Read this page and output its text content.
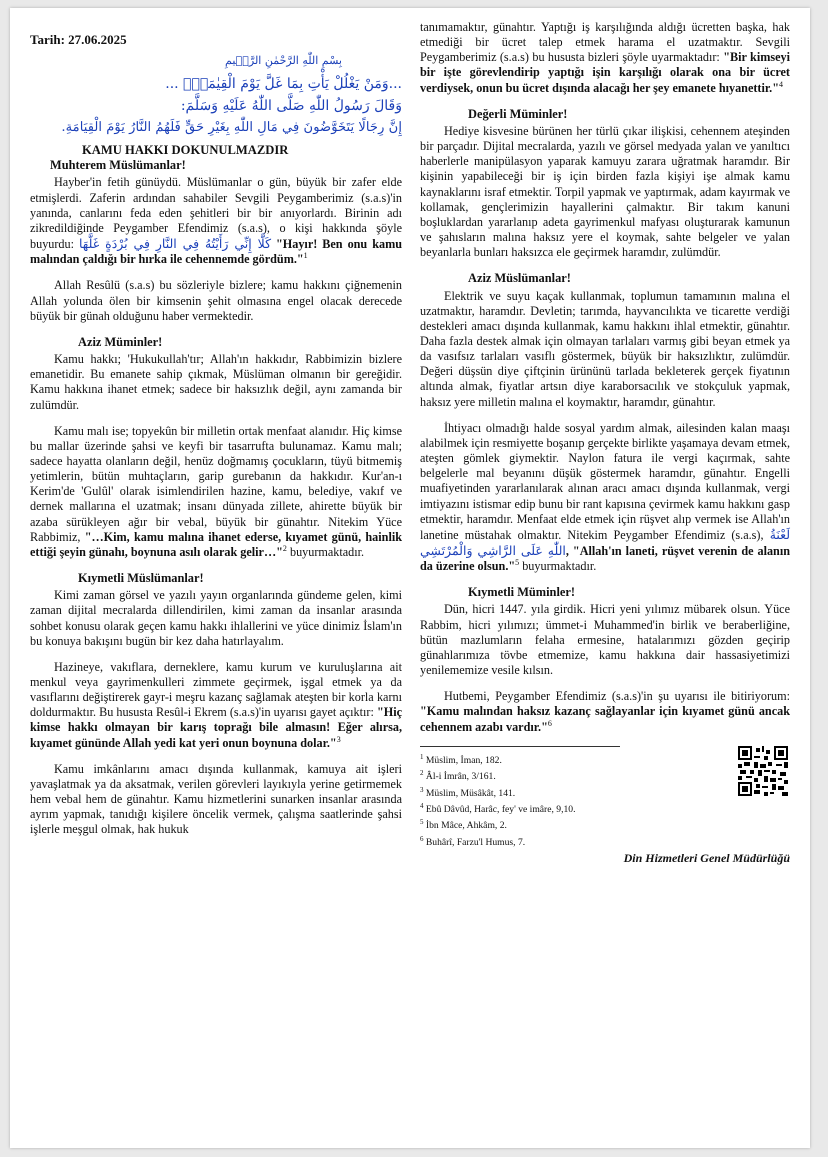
Tarih: 27.06.2025
بِسْمِ اللّٰهِ الرَّحْمٰنِ الرَّح۪يمِ
...وَمَنْ يَغْلُلْ يَأْتِ بِمَا غَلَّ يَوْمَ الْقِيٰمَةِۚ ...
وَقَالَ رَسُولُ اللّٰهِ صَلَّى اللّٰهُ عَلَيْهِ وَسَلَّمَ:
إِنَّ رِجَالًا يَتَخَوَّضُونَ فِي مَالِ اللّٰهِ بِغَيْرِ حَقٍّ فَلَهُمُ النَّارُ يَوْمَ الْقِيَامَةِ.
KAMU HAKKI DOKUNULMAZDIR
Muhterem Müslümanlar!

Hayber'in fetih günüydü. Müslümanlar o gün, büyük bir zafer elde etmişlerdi. Zaferin ardından sahabiler Sevgili Peygamberimiz (s.a.s)'in yanında, canlarını feda eden şehitleri bir bir anıyorlardı. Birinin adı zikredildiğinde Peygamber Efendimiz (s.a.s), o kişi hakkında şöyle buyurdu: كَلَّا إِنِّي رَأَيْتُهُ فِي النَّارِ فِي بُرْدَةٍ غَلَّهَا "Hayır! Ben onu kamu malından çaldığı bir hırka ile cehennemde gördüm."$^1$

Allah Resûlü (s.a.s) bu sözleriyle bizlere; kamu hakkını çiğnemenin Allah yolunda ölen bir kimsenin şehit olmasına engel olacak derecede büyük bir günah olduğunu haber vermektedir.

Aziz Müminler!

Kamu hakkı; 'Hukukullah'tır; Allah'ın hakkıdır, Rabbimizin bizlere emanetidir. Bu emanete sahip çıkmak, Müslüman olmanın bir gereğidir. Kamu hakkına ihanet etmek; sadece bir haksızlık değil, aynı zamanda bir zulümdür.

Kamu malı ise; topyekûn bir milletin ortak menfaat alanıdır. Hiç kimse bu mallar üzerinde şahsi ve keyfi bir tasarrufta bulunamaz. Kamu malı; sadece hayatta olanların değil, henüz doğmamış çocukların, tüyü bitmemiş yetimlerin, bütün muhtaçların, garip gurebanın da hakkıdır. Kur'an-ı Kerim'de 'Gulûl' olarak isimlendirilen hazine, kamu, belediye, vakıf ve dernek mallarına el uzatmak; insanı dünyada zillete, ahirette büyük bir azaba sürükleyen ağır bir vebal, büyük bir günahtır. Nitekim Yüce Rabbimiz, "…Kim, kamu malına ihanet ederse, kıyamet günü, hainlik ettiği şeyin günahı, boynuna asılı olarak gelir…"$^2$ buyurmaktadır.

Kıymetli Müslümanlar!

Kimi zaman görsel ve yazılı yayın organlarında gündeme gelen, kimi zaman dijital mecralarda dillendirilen, kimi zaman da insanlar arasında sohbet konusu olarak geçen kamu hakkı ihlallerini ve yüce dinimiz İslam'ın bu konuya bakışını bugün bir kez daha hatırlayalım.

Hazineye, vakıflara, derneklere, kamu kurum ve kuruluşlarına ait menkul veya gayrimenkulleri zimmete geçirmek, işgal etmek ya da vasıflarını değiştirerek gayr-i meşru kazanç sağlamak ateşten bir korla karnı doldurmaktır. Bu hususta Resûl-i Ekrem (s.a.s)'in uyarısı gayet açıktır: "Hiç kimse hakkı olmayan bir karış toprağı bile almasın! Eğer alırsa, kıyamet gününde Allah yedi kat yeri onun boynuna dolar."$^3$

Kamu imkânlarını amacı dışında kullanmak, kamuya ait işleri yavaşlatmak ya da aksatmak, verilen görevleri layıkıyla yerine getirmemek hem vebal hem de günahtır. Kamu hizmetlerini sunarken insanlar arasında ayrım yapmak, tanıdığı kişilere öncelik vermek, çalışma saatlerinde şahsi işlerle meşgul olmak, hak hukuk

tanımamaktır, günahtır. Yaptığı iş karşılığında aldığı ücretten başka, hak etmediği bir ücret talep etmek harama el uzatmaktır. Sevgili Peygamberimiz (s.a.s) bu hususta bizleri şöyle uyarmaktadır: "Bir kimseyi bir işte görevlendirip yaptığı işin karşılığı olarak ona bir ücret verdiysek, onun bu ücret dışında alacağı her şey emanete hıyanettir."$^4$

Değerli Müminler!

Hediye kisvesine bürünen her türlü çıkar ilişkisi, cehennem ateşinden bir parçadır. Dijital mecralarda, yazılı ve görsel medyada yalan ve yanıltıcı haberlerle manipülasyon yaparak kamuyu zarara uğratmak haramdır. Bir kişinin yapabileceği bir iş için birden fazla kişiyi işe almak kamu kaynaklarını israf etmektir. Torpil yapmak ve yaptırmak, adam kayırmak ve kollamak, gençlerimizin hayallerini çalmaktır. Bir takım kanuni boşluklardan yararlanıp adeta gayrimenkul mafyası oluşturarak kamunun ve şahısların malına haksız yere el koymak, sahte belgeler ve yalan beyanlarla bunları haksızca ele geçirmek haramdır, zulümdür.

Aziz Müslümanlar!

Elektrik ve suyu kaçak kullanmak, toplumun tamamının malına el uzatmaktır, haramdır. Devletin; tarımda, hayvancılıkta ve ticarette verdiği destekleri amacı dışında kullanmak, kamu hakkını ihlal etmektir, günahtır. Daha fazla destek almak için olmayan tarlaları varmış gibi beyan etmek ya da vasıfsız tarlaları vasıflı göstermek, büyük bir haksızlıktır, zulümdür. Değeri düşsün diye çiftçinin ürününü tarlada bekleterek gerçek fiyatının altında almak, fiyatlar artsın diye karaborsacılık ve stokçuluk yapmak, haksız yere milletin malına el koymaktır, haramdır, günahtır.

İhtiyacı olmadığı halde sosyal yardım almak, ailesinden kalan maaşı alabilmek için resmiyette boşanıp gerçekte birlikte yaşamaya devam etmek, ateşten gömlek giymektir. Naylon fatura ile vergi kaçırmak, sahte belgelerle mal beyanını düşük göstermek haramdır, günahtır. Engelli muafiyetinden yararlanılarak alınan aracı amacı dışında kullanmak, vergi imtiyazını istismar edip bunu bir rant kapısına çevirmek kamu hakkını gasp etmektir, haramdır. Menfaat elde etmek için rüşvet alıp vermek ise Allah'ın lanetine müstahak olmaktır. Nitekim Peygamber Efendimiz (s.a.s), لَعْنَةُ اللّٰهِ عَلَى الرَّاشِي وَالْمُرْتَشِي, "Allah'ın laneti, rüşvet verenin de alanın da üzerine olsun."$^5$ buyurmaktadır.

Kıymetli Müminler!

Dün, hicri 1447. yıla girdik. Hicri yeni yılımız mübarek olsun. Yüce Rabbim, hicri yılımızı; ümmet-i Muhammed'in birlik ve beraberliğine, bütün mazlumların felaha ermesine, hatalarımızı gözden geçirip günahlarımıza tövbe etmemize, kamu hakkına dair hassasiyetimizi yenilememize vesile kılsın.

Hutbemi, Peygamber Efendimiz (s.a.s)'in şu uyarısı ile bitiriyorum: "Kamu malından haksız kazanç sağlayanlar için kıyamet günü ancak cehennem azabı vardır."$^6$

$^1$ Müslim, İman, 182.
$^2$ Âl-i İmrân, 3/161.
$^3$ Müslim, Müsâkât, 141.
$^4$ Ebû Dâvûd, Harâc, fey' ve imâre, 9,10.
$^5$ İbn Mâce, Ahkâm, 2.
$^6$ Buhârî, Farzu'l Humus, 7.
Din Hizmetleri Genel Müdürlüğü
